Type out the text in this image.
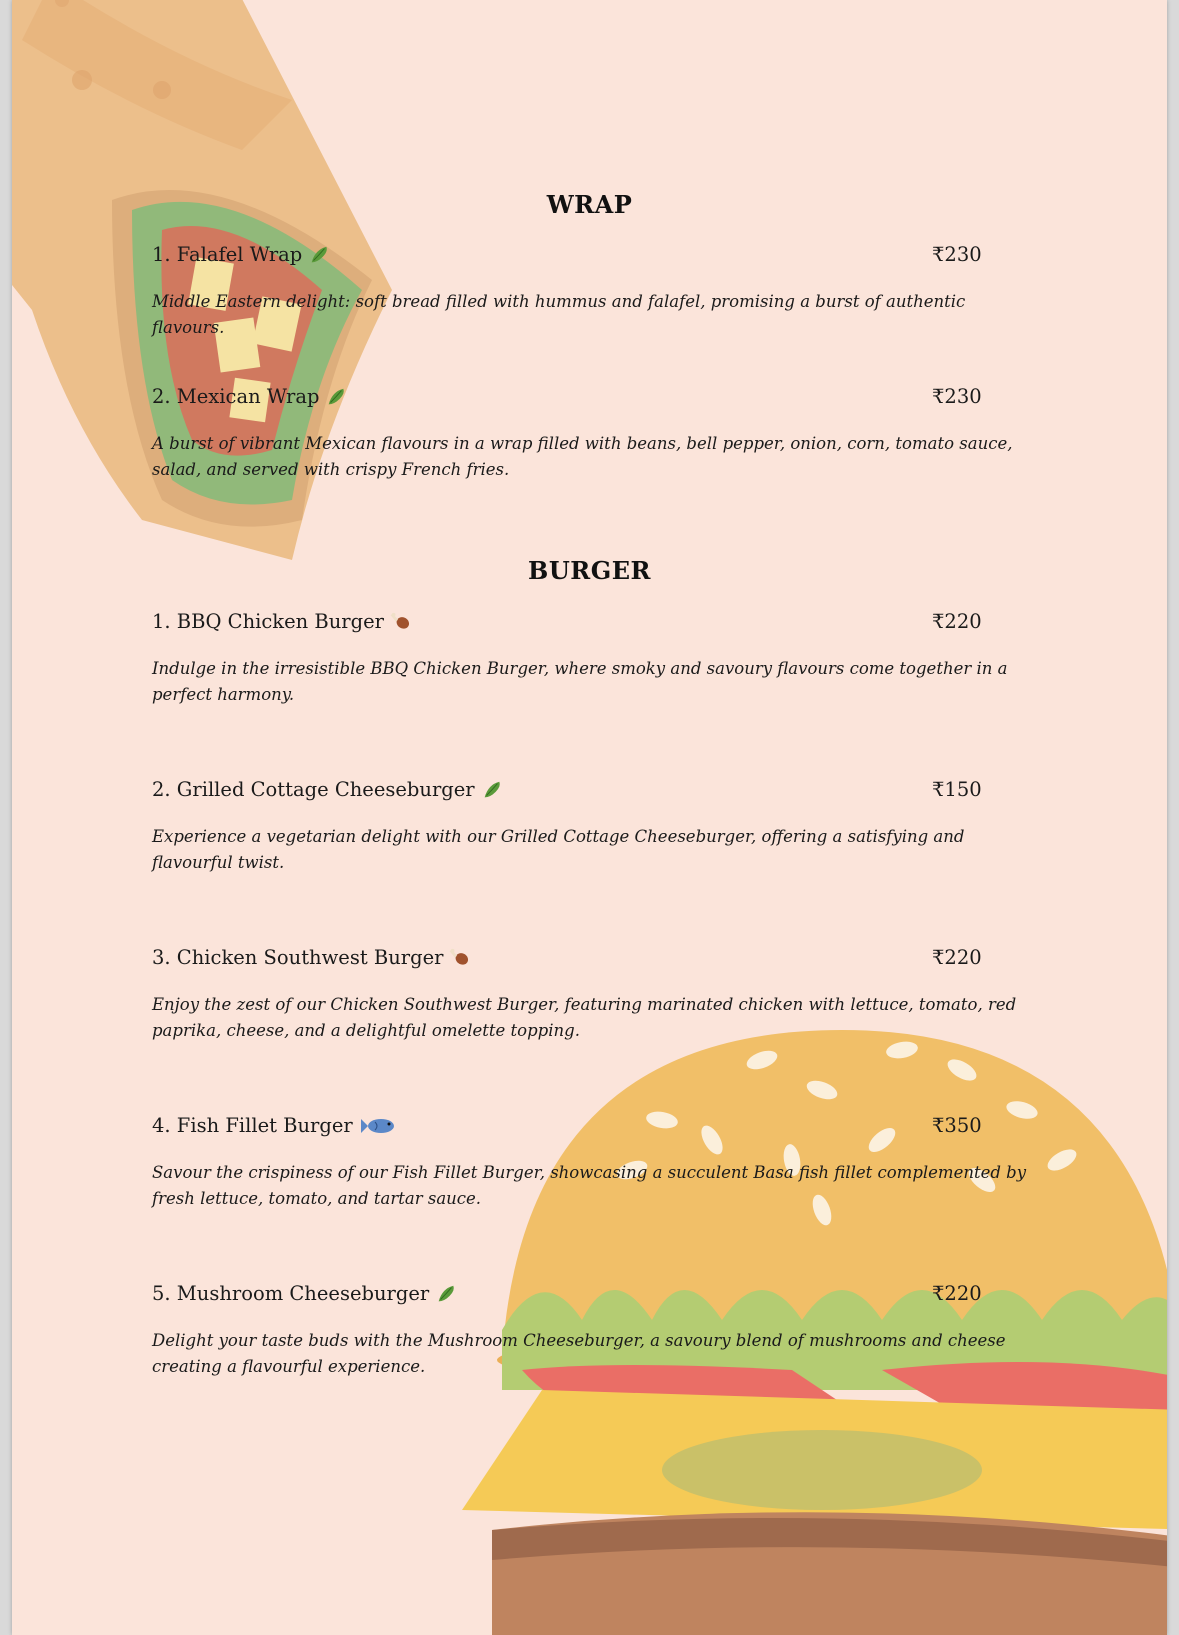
WRAP
1. Falafel Wrap	₹230
Middle Eastern delight: soft bread filled with hummus and falafel, promising a burst of authentic flavours.
2. Mexican Wrap	₹230
A burst of vibrant Mexican flavours in a wrap filled with beans, bell pepper, onion, corn, tomato sauce, salad, and served with crispy French fries.
BURGER
1. BBQ Chicken Burger	₹220
Indulge in the irresistible BBQ Chicken Burger, where smoky and savoury flavours come together in a perfect harmony.
2. Grilled Cottage Cheeseburger	₹150
Experience a vegetarian delight with our Grilled Cottage Cheeseburger, offering a satisfying and flavourful twist.
3. Chicken Southwest Burger	₹220
Enjoy the zest of our Chicken Southwest Burger, featuring marinated chicken with lettuce, tomato, red paprika, cheese, and a delightful omelette topping.
4. Fish Fillet Burger	₹350
Savour the crispiness of our Fish Fillet Burger, showcasing a succulent Basa fish fillet complemented by fresh lettuce, tomato, and tartar sauce.
5. Mushroom Cheeseburger	₹220
Delight your taste buds with the Mushroom Cheeseburger, a savoury blend of mushrooms and cheese creating a flavourful experience.
